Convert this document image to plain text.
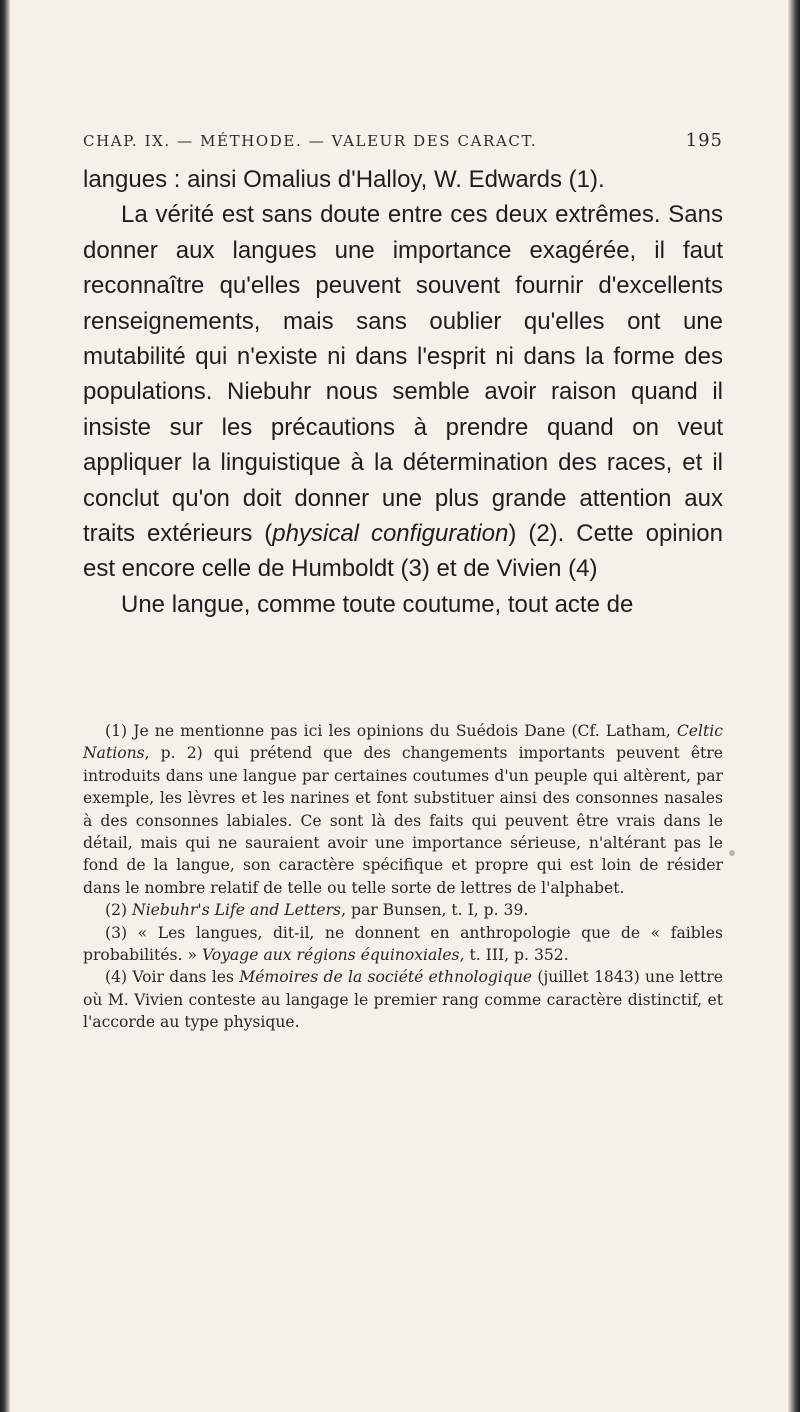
CHAP. IX. — MÉTHODE. — VALEUR DES CARACT.	195

langues : ainsi Omalius d'Halloy, W. Edwards (1).

La vérité est sans doute entre ces deux extrêmes. Sans donner aux langues une importance exagérée, il faut reconnaître qu'elles peuvent souvent fournir d'excellents renseignements, mais sans oublier qu'elles ont une mutabilité qui n'existe ni dans l'esprit ni dans la forme des populations. Niebuhr nous semble avoir raison quand il insiste sur les précautions à prendre quand on veut appliquer la linguistique à la détermination des races, et il conclut qu'on doit donner une plus grande attention aux traits extérieurs (physical configuration) (2). Cette opinion est encore celle de Humboldt (3) et de Vivien (4)

Une langue, comme toute coutume, tout acte de

(1) Je ne mentionne pas ici les opinions du Suédois Dane (Cf. Latham, Celtic Nations, p. 2) qui prétend que des changements importants peuvent être introduits dans une langue par certaines coutumes d'un peuple qui altèrent, par exemple, les lèvres et les narines et font substituer ainsi des consonnes nasales à des consonnes labiales. Ce sont là des faits qui peuvent être vrais dans le détail, mais qui ne sauraient avoir une importance sérieuse, n'altérant pas le fond de la langue, son caractère spécifique et propre qui est loin de résider dans le nombre relatif de telle ou telle sorte de lettres de l'alphabet.

(2) Niebuhr's Life and Letters, par Bunsen, t. I, p. 39.

(3) « Les langues, dit-il, ne donnent en anthropologie que de « faibles probabilités. » Voyage aux régions équinoxiales, t. III, p. 352.

(4) Voir dans les Mémoires de la société ethnologique (juillet 1843) une lettre où M. Vivien conteste au langage le premier rang comme caractère distinctif, et l'accorde au type physique.
